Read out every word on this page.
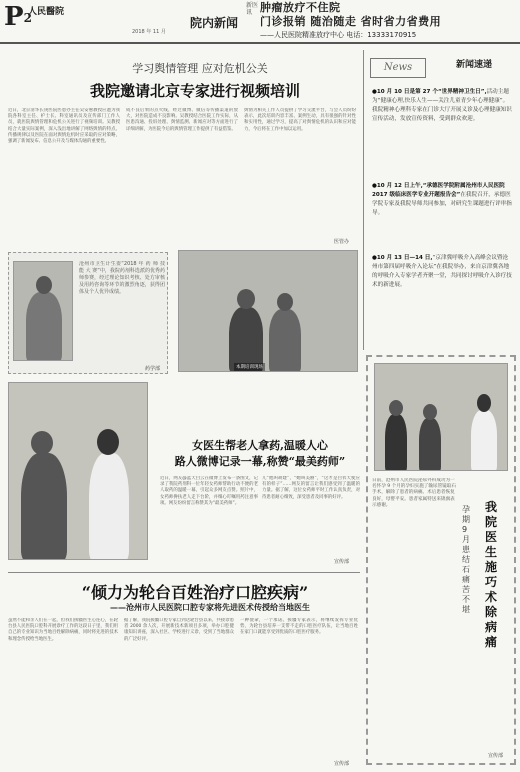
P2
人民醫院
院内新闻
2018 年 11 月
新医讯 肿瘤放疗不住院
门诊报销 随治随走 省时省力省费用
——人民医院精准放疗中心 电话：13333170915
学习舆情管理 应对危机公关
我院邀请北京专家进行视频培训
近日，北京清华长庚医院医患办主任吴安惠教授应邀为我院各科室主任、护士长、科室通讯员及宣传部门工作人员，就医院舆情管理和危机公关进行了视频培训。吴教授结合大量实际案例，深入浅出地讲解了网络舆情的特点、传播规律以及医院在面对舆情危机时应采取的应对策略，强调了新闻发布、信息公开及与媒体沟通的重要性。
成不良后果的点火线，经过微博、微信等传播渠道的放大，对医院造成不良影响。吴教授结合医院工作实际，从医患沟通、投诉处理、舆情监测、新闻应对等方面进行了详细讲解，为医院今后的舆情管理工作提供了有益借鉴。
舆情为相关工作人员提供了学习交流平台，与会人员纷纷表示，此次培训内容丰富、案例生动，具有很强的针对性和实用性，通过学习，提高了对舆情危机的认识和应对能力，今后将在工作中加以运用。
医管办
沧州市卫生计生委“2018 年 药 师 技 能 大 赛”中，我院药剂科选派的优秀药师参赛，经过理论知识考核、处方审核及用药咨询等环节的激烈角逐，获得团体及个人优异成绩。
药学部	本期培训现场
女医生帮老人拿药,温暖人心
路人微博记录一幕,称赞“最美药师”
近日，网友@蓝天白云在微博上发布一条图文，记录了我院药剂科一位年轻女药师帮助行动不便的老人取药的温暖一幕，引起众多网友点赞。照片中，女药师搀扶老人走下台阶，并细心叮嘱用药注意事项。网友纷纷留言称赞其为“最美药师”。
儿“他叫胡建”，“她叫美丽”，“这才是白衣天使应有的样子”……网友的留言让我们感受到了温暖的力量。据了解，这位女药师平时工作认真负责，对待患者耐心细致，深受患者及同事的好评。
宣传部
“倾力为轮台百姓治疗口腔疾病”
——沧州市人民医院口腔专家将先进医术传授给当地医生
虽然不能和亲人们在一起，但我们援疆医生心连心，在轮台县人民医院口腔科开展诊疗工作的这段日子里，我们用自己的专业知识为当地百姓解除病痛，同时将先进的技术和理念传授给当地医生。
据了解，我院援疆口腔专家自到达轮台县以来，共接诊患者 2000 余人次，开展新技术新项目多项，举办口腔健康知识讲座，深入社区、学校进行义诊，受到了当地群众的广泛好评。
一种使命，一个承诺。援疆专家表示，将继续发挥专业优势，为轮台县培养一支带不走的口腔医疗队伍，让当地百姓在家门口就能享受到优质的口腔医疗服务。
宣传部
News	新闻速递
●10 月 10 日是第 27 个“世界精神卫生日”,活动主题为“健康心理,快乐人生——关注儿童青少年心理健康”。我院精神心理科专家在门诊大厅开展义诊及心理健康知识宣传活动，发放宣传资料，受到群众欢迎。
●10 月 12 日上午,“承德医学院附属沧州市人民医院 2017 级临床医学专业开题报告会”在我院召开，承德医学院专家及我院导师共同参加，对研究生课题进行评审指导。
●10 月 13 日—14 日,“京津冀呼吸介入高峰会议暨沧州市第四届呼吸介入论坛”在我院举办，来自京津冀各地的呼吸介入专家学者齐聚一堂，共同探讨呼吸介入诊疗技术的新进展。
日前，沧州市人民医院泌尿外科成功为一名怀孕 9 个月的孕妇实施了输尿管镜取石手术，解除了患者的病痛。术后患者恢复良好，母婴平安。患者家属特送来锦旗表示感谢。	我院医生施巧术除病痛
孕期 9 月患结石痛苦不堪
宣传部
